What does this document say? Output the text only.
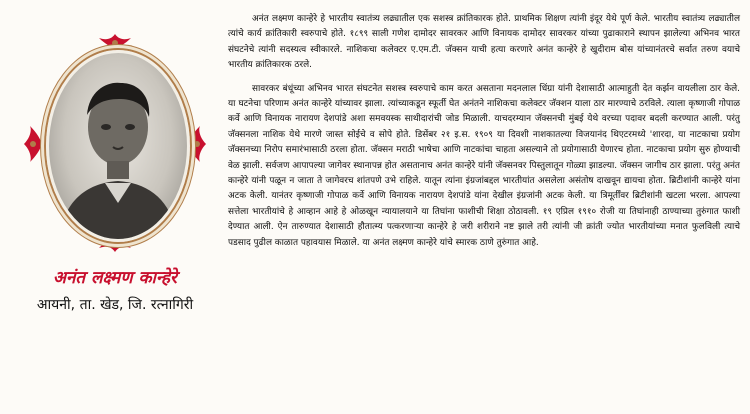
अनंत लक्ष्मण कान्हेरे
आयनी, ता. खेड, जि. रत्नागिरी

अनंत लक्ष्मण कान्हेरे हे भारतीय स्वातंत्र्य लढ्यातील एक सशस्त्र क्रांतिकारक होते. प्राथमिक शिक्षण त्यांनी इंदूर येथे पूर्ण केले. भारतीय स्वातंत्र्य लढ्यातील त्यांचे कार्य क्रांतिकारी स्वरुपाचे होते. १८९९ साली गणेश दामोदर सावरकर आणि विनायक दामोदर सावरकर यांच्या पुढाकाराने स्थापन झालेल्या अभिनव भारत संघटनेचे त्यांनी सदस्यत्व स्वीकारले. नाशिकचा कलेक्टर ए.एम.टी. जॅक्सन याची हत्या करणारे अनंत कान्हेरे हे खुदीराम बोस यांच्यानंतरचे सर्वात तरुण वयाचे भारतीय क्रांतिकारक ठरले.

सावरकर बंधूंच्या अभिनव भारत संघटनेत सशस्त्र स्वरुपाचे काम करत असताना मदनलाल धिंग्रा यांनी देशासाठी आत्माहुती देत कर्झन वायलीला ठार केले. या घटनेचा परिणाम अनंत कान्हेरे यांच्यावर झाला. त्यांच्याकडून स्फूर्ती घेत अनंतने नाशिकचा कलेक्टर जॅक्शन याला ठार मारण्याचे ठरविले. त्याला कृष्णाजी गोपाळ कर्वे आणि विनायक नारायण देशपांडे अशा समवयस्क साथीदारांची जोड मिळाली. याचदरम्यान जॅक्सनची मुंबई येथे वरच्या पदावर बदली करण्यात आली. परंतु जॅक्सनला नाशिक येथे मारणे जास्त सोईचे व सोपे होते. डिसेंबर २१ इ.स. १९०९ या दिवशी नाशकातल्या विजयानंद थिएटरमध्ये 'शारदा, या नाटकाचा प्रयोग जॅक्सनच्या निरोप समारंभासाठी ठरला होता. जॅक्सन मराठी भाषेचा आणि नाटकांचा चाहता असल्याने तो प्रयोगासाठी येणारच होता. नाटकाचा प्रयोग सुरु होण्याची वेळ झाली. सर्वजण आपापल्या जागेवर स्थानापन्न होत असतानाच अनंत कान्हेरे यांनी जॅक्सनवर पिस्तुलातून गोळ्या झाडल्या. जॅक्सन जागीच ठार झाला. परंतु अनंत कान्हेरे यांनी पळून न जाता ते जागेवरच शांतपणे उभे राहिले. यातून त्यांना इंग्रजांबद्दल भारतीयांत असलेला असंतोष दाखवून द्यायचा होता. ब्रिटीशांनी कान्हेरे यांना अटक केली. यानंतर कृष्णाजी गोपाळ कर्वे आणि विनायक नारायण देशपांडे यांना देखील इंग्रजांनी अटक केली. या त्रिमूर्तींवर ब्रिटीशांनी खटला भरला. आपल्या सत्तेला भारतीयांचे हे आव्हान आहे हे ओळखून न्यायालयाने या तिघांना फाशीची शिक्षा ठोठावली. १९ एप्रिल १९१० रोजी या तिघांनाही ठाण्याच्या तुरुंगात फाशी देण्यात आली. ऐन तारुण्यात देशासाठी हौतात्म्य पत्करणाऱ्या कान्हेरे हे जरी शरीराने नष्ट झाले तरी त्यांनी जी क्रांती ज्योत भारतीयांच्या मनात फुलविली त्याचे पडसाद पुढील काळात पहावयास मिळाले. या अनंत लक्ष्मण कान्हेरे यांचे स्मारक ठाणे तुरुंगात आहे.
